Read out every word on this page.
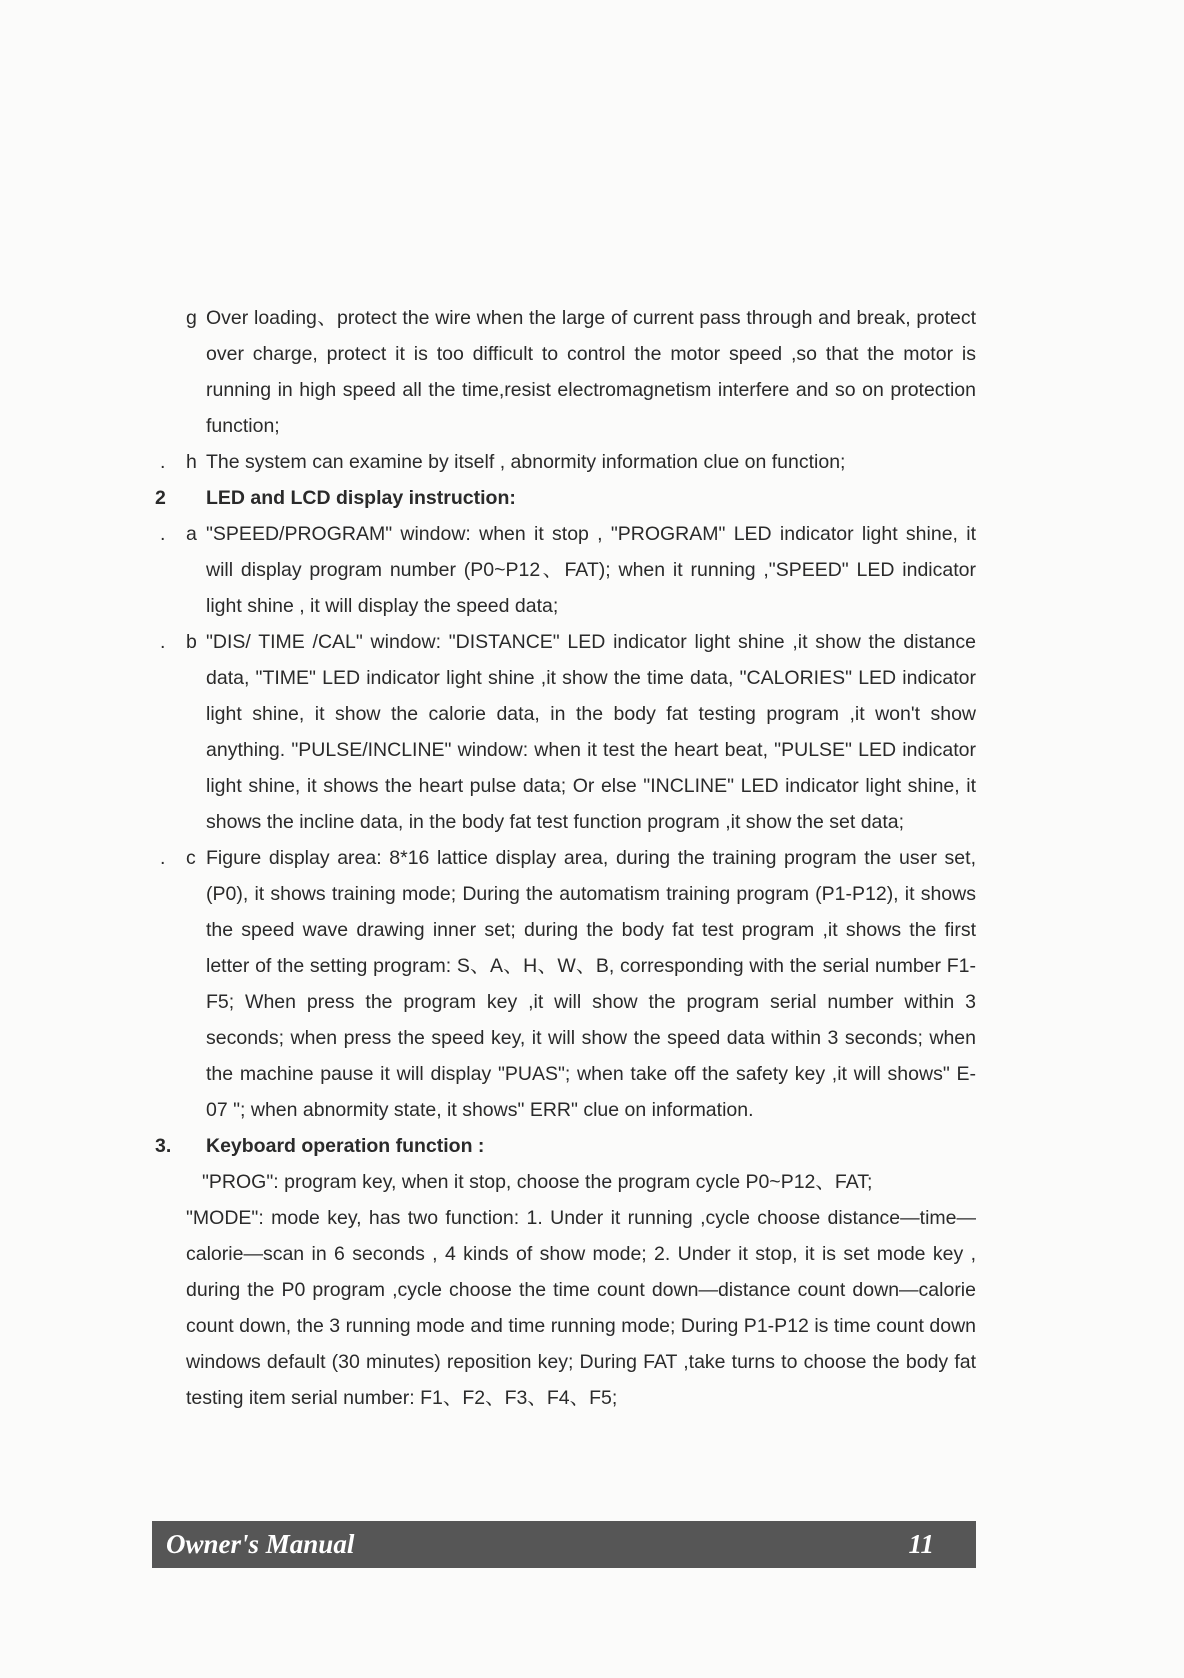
g Over loading、protect the wire when the large of current pass through and break, protect over charge, protect it is too difficult to control the motor speed ,so that the motor is running in high speed all the time,resist electromagnetism interfere and so on protection function;
. h The system can examine by itself , abnormity information clue on function;
2 LED and LCD display instruction:
. a "SPEED/PROGRAM" window: when it stop , "PROGRAM" LED indicator light shine, it will display program number (P0~P12、FAT); when it running ,"SPEED" LED indicator light shine , it will display the speed data;
. b "DIS/ TIME /CAL" window: "DISTANCE" LED indicator light shine ,it show the distance data, "TIME" LED indicator light shine ,it show the time data, "CALORIES" LED indicator light shine, it show the calorie data, in the body fat testing program ,it won't show anything. "PULSE/INCLINE" window: when it test the heart beat, "PULSE" LED indicator light shine, it shows the heart pulse data; Or else "INCLINE" LED indicator light shine, it shows the incline data, in the body fat test function program ,it show the set data;
. c Figure display area: 8*16 lattice display area, during the training program the user set, (P0), it shows training mode; During the automatism training program (P1-P12), it shows the speed wave drawing inner set; during the body fat test program ,it shows the first letter of the setting program: S、A、H、W、B, corresponding with the serial number F1-F5; When press the program key ,it will show the program serial number within 3 seconds; when press the speed key, it will show the speed data within 3 seconds; when the machine pause it will display "PUAS"; when take off the safety key ,it will shows" E-07 "; when abnormity state, it shows" ERR" clue on information.
3. Keyboard operation function :
"PROG": program key, when it stop, choose the program cycle P0~P12、FAT;
"MODE": mode key, has two function: 1. Under it running ,cycle choose distance—time—calorie—scan in 6 seconds , 4 kinds of show mode; 2. Under it stop, it is set mode key , during the P0 program ,cycle choose the time count down—distance count down—calorie count down, the 3 running mode and time running mode; During P1-P12 is time count down windows default (30 minutes) reposition key; During FAT ,take turns to choose the body fat testing item serial number: F1、F2、F3、F4、F5;
Owner's Manual	11
